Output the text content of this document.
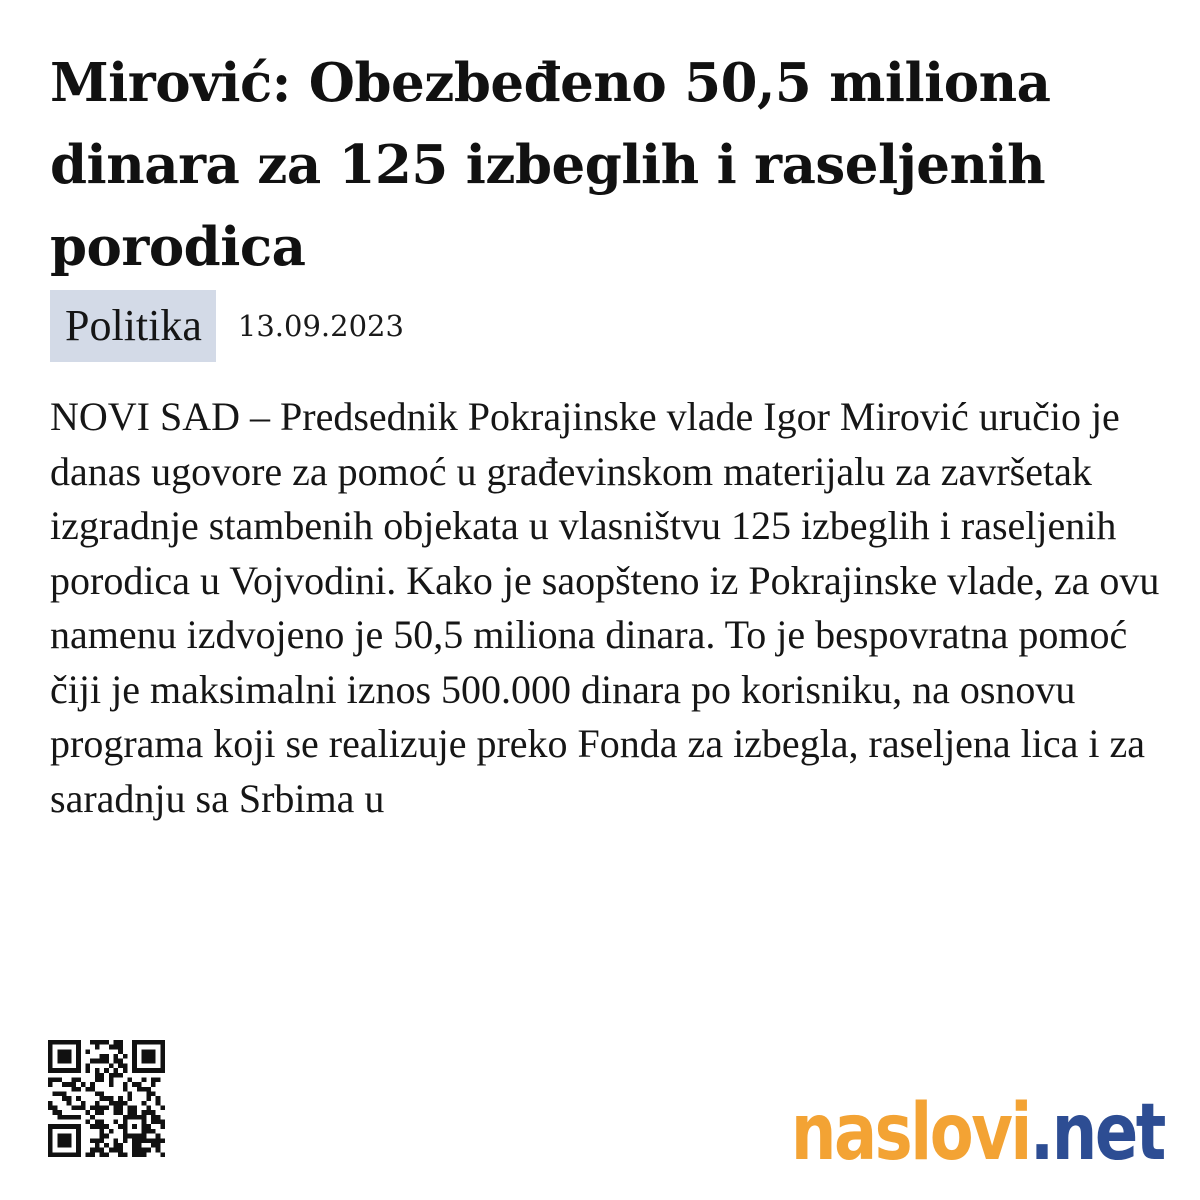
Mirović: Obezbeđeno 50,5 miliona dinara za 125 izbeglih i raseljenih porodica
Politika	13.09.2023

NOVI SAD – Predsednik Pokrajinske vlade Igor Mirović uručio je danas ugovore za pomoć u građevinskom materijalu za završetak izgradnje stambenih objekata u vlasništvu 125 izbeglih i raseljenih porodica u Vojvodini. Kako je saopšteno iz Pokrajinske vlade, za ovu namenu izdvojeno je 50,5 miliona dinara. To je bespovratna pomoć čiji je maksimalni iznos 500.000 dinara po korisniku, na osnovu programa koji se realizuje preko Fonda za izbegla, raseljena lica i za saradnju sa Srbima u

naslovi.net
